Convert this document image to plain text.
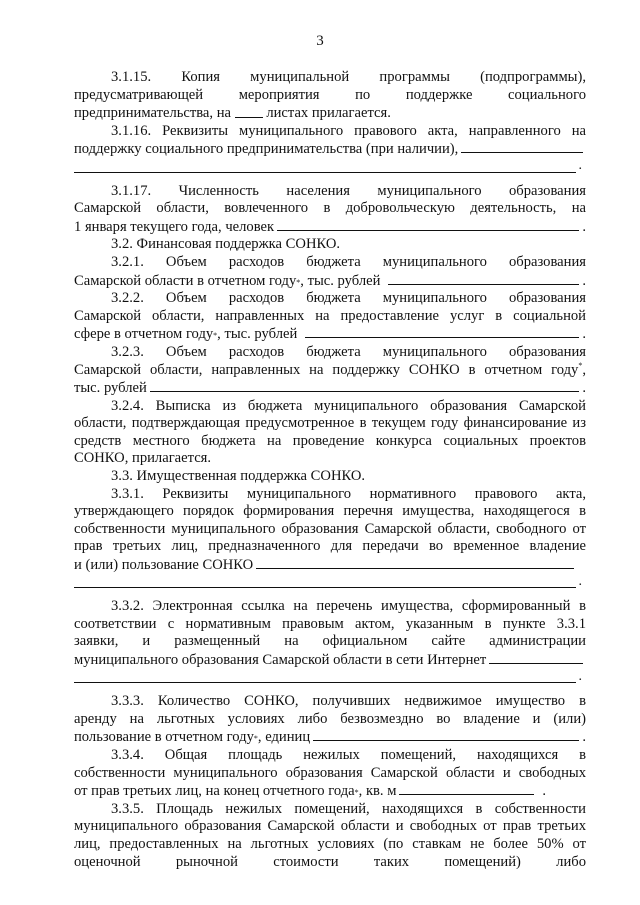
3

3.1.15. Копия муниципальной программы (подпрограммы),

предусматривающей мероприятия по поддержке социального

предпринимательства, на листах прилагается.

3.1.16. Реквизиты муниципального правового акта, направленного на

поддержку социального предпринимательства (при наличии),

.

3.1.17. Численность населения муниципального образования

Самарской области, вовлеченного в добровольческую деятельность, на

1 января текущего года, человек	.

3.2. Финансовая поддержка СОНКО.

3.2.1. Объем расходов бюджета муниципального образования

Самарской области в отчетном году * , тыс. рублей	.

3.2.2. Объем расходов бюджета муниципального образования

Самарской области, направленных на предоставление услуг в социальной

сфере в отчетном году * , тыс. рублей	.

3.2.3. Объем расходов бюджета муниципального образования

Самарской области, направленных на поддержку СОНКО в отчетном году*,

тыс. рублей	.

3.2.4. Выписка из бюджета муниципального образования Самарской области, подтверждающая предусмотренное в текущем году финансирование из средств местного бюджета на проведение конкурса социальных проектов СОНКО, прилагается.

3.3. Имущественная поддержка СОНКО.

3.3.1. Реквизиты муниципального нормативного правового акта, утверждающего порядок формирования перечня имущества, находящегося в собственности муниципального образования Самарской области, свободного от прав третьих лиц, предназначенного для передачи во временное владение

и (или) пользование СОНКО

.

3.3.2. Электронная ссылка на перечень имущества, сформированный в

соответствии с нормативным правовым актом, указанным в пункте 3.3.1

заявки, и размещенный на официальном сайте администрации

муниципального образования Самарской области в сети Интернет

.

3.3.3. Количество СОНКО, получивших недвижимое имущество в

аренду на льготных условиях либо безвозмездно во владение и (или)

пользование в отчетном году * , единиц	.

3.3.4. Общая площадь нежилых помещений, находящихся в

собственности муниципального образования Самарской области и свободных

от прав третьих лиц, на конец отчетного года * , кв. м	.

3.3.5. Площадь нежилых помещений, находящихся в собственности муниципального образования Самарской области и свободных от прав третьих лиц, предоставленных на льготных условиях (по ставкам не более 50% от оценочной рыночной стоимости таких помещений) либо
